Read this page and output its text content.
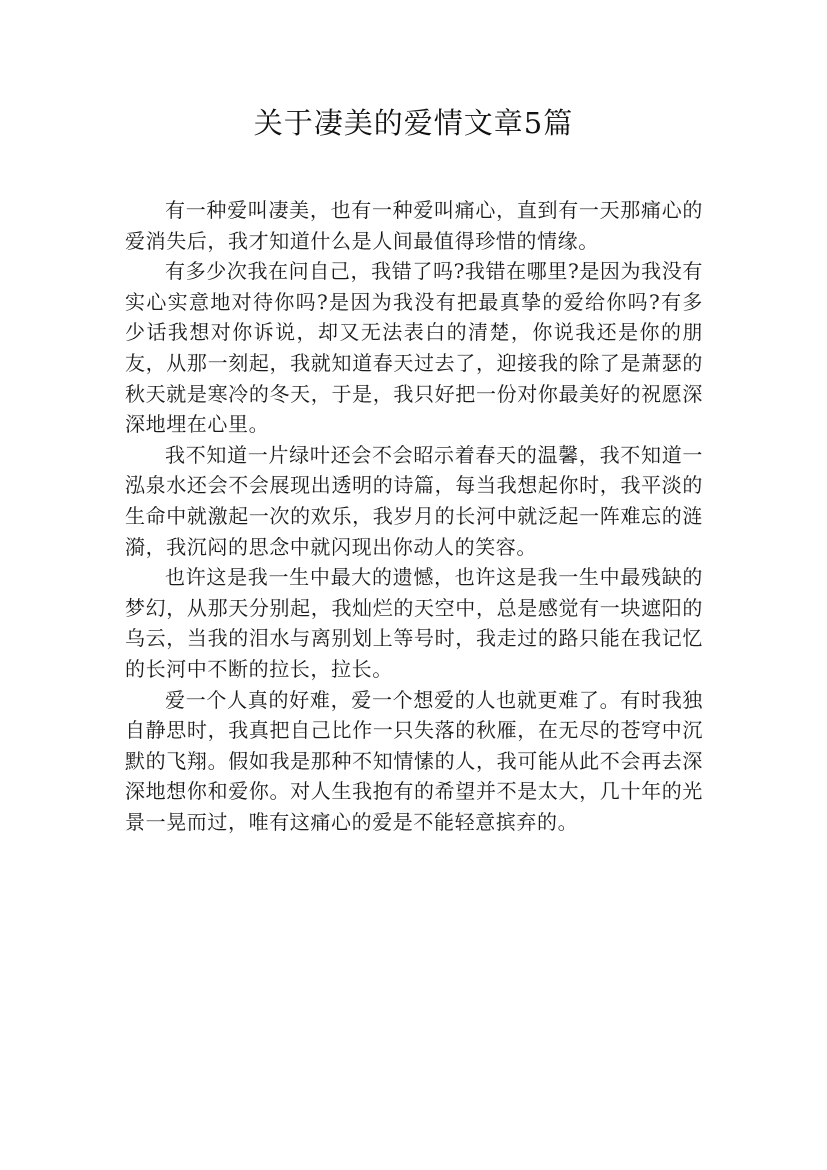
关于凄美的爱情文章5篇

有一种爱叫凄美，也有一种爱叫痛心，直到有一天那痛心的爱消失后，我才知道什么是人间最值得珍惜的情缘。

有多少次我在问自己，我错了吗?我错在哪里?是因为我没有实心实意地对待你吗?是因为我没有把最真挚的爱给你吗?有多少话我想对你诉说，却又无法表白的清楚，你说我还是你的朋友，从那一刻起，我就知道春天过去了，迎接我的除了是萧瑟的秋天就是寒冷的冬天，于是，我只好把一份对你最美好的祝愿深深地埋在心里。

我不知道一片绿叶还会不会昭示着春天的温馨，我不知道一泓泉水还会不会展现出透明的诗篇，每当我想起你时，我平淡的生命中就激起一次的欢乐，我岁月的长河中就泛起一阵难忘的涟漪，我沉闷的思念中就闪现出你动人的笑容。

也许这是我一生中最大的遗憾，也许这是我一生中最残缺的梦幻，从那天分别起，我灿烂的天空中，总是感觉有一块遮阳的乌云，当我的泪水与离别划上等号时，我走过的路只能在我记忆的长河中不断的拉长，拉长。

爱一个人真的好难，爱一个想爱的人也就更难了。有时我独自静思时，我真把自己比作一只失落的秋雁，在无尽的苍穹中沉默的飞翔。假如我是那种不知情愫的人，我可能从此不会再去深深地想你和爱你。对人生我抱有的希望并不是太大，几十年的光景一晃而过，唯有这痛心的爱是不能轻意摈弃的。
